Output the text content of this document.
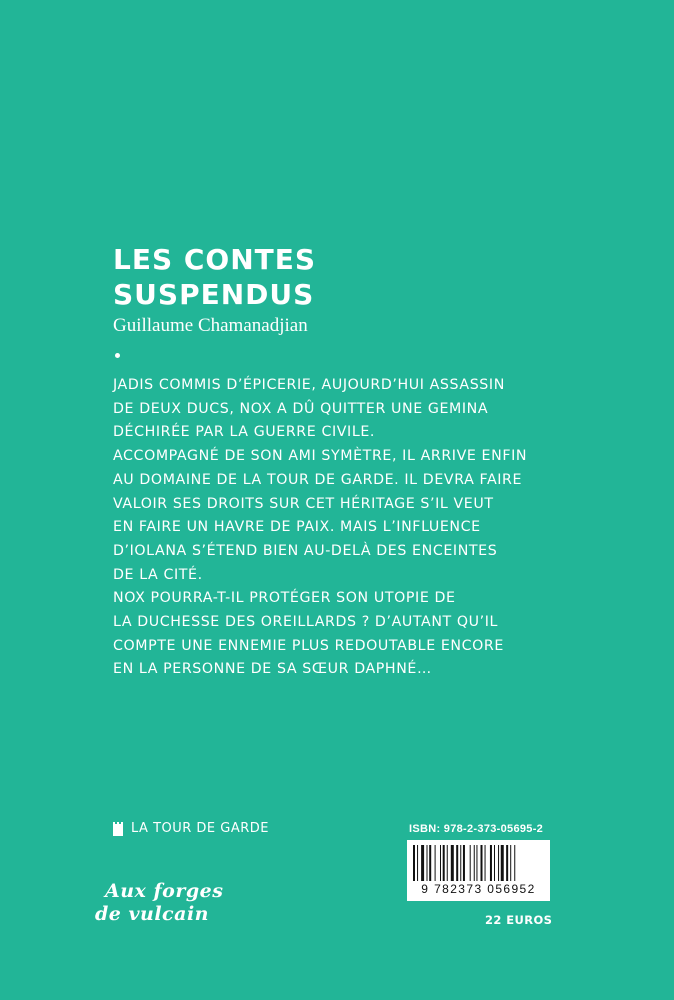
LES CONTES
SUSPENDUS
Guillaume Chamanadjian

JADIS COMMIS D’ÉPICERIE, AUJOURD’HUI ASSASSIN

DE DEUX DUCS, NOX A DÛ QUITTER UNE GEMINA

DÉCHIRÉE PAR LA GUERRE CIVILE.

ACCOMPAGNÉ DE SON AMI SYMÈTRE, IL ARRIVE ENFIN

AU DOMAINE DE LA TOUR DE GARDE. IL DEVRA FAIRE

VALOIR SES DROITS SUR CET HÉRITAGE S’IL VEUT

EN FAIRE UN HAVRE DE PAIX. MAIS L’INFLUENCE

D’IOLANA S’ÉTEND BIEN AU-DELÀ DES ENCEINTES

DE LA CITÉ.

NOX POURRA-T-IL PROTÉGER SON UTOPIE DE

LA DUCHESSE DES OREILLARDS ? D’AUTANT QU’IL

COMPTE UNE ENNEMIE PLUS REDOUTABLE ENCORE

EN LA PERSONNE DE SA SŒUR DAPHNÉ…

LA TOUR DE GARDE	ISBN: 978-2-373-05695-2
9 782373 056952
Aux forges
de vulcain	22 EUROS
